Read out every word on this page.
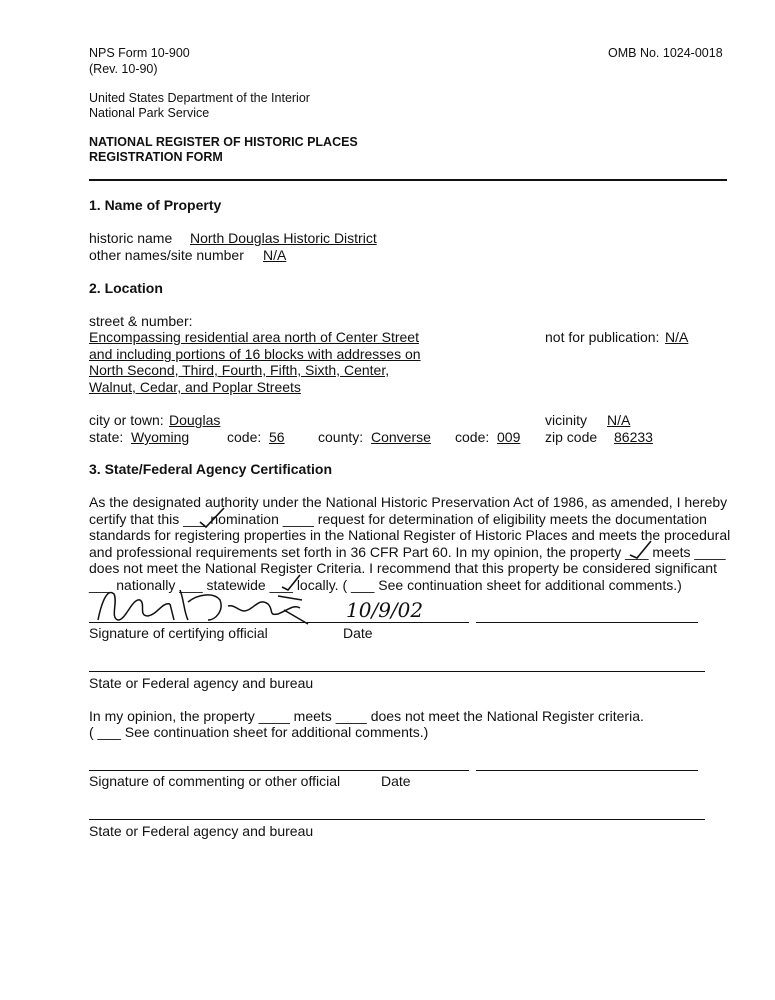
NPS Form 10-900
(Rev. 10-90)
OMB No. 1024-0018
United States Department of the Interior
National Park Service
NATIONAL REGISTER OF HISTORIC PLACES
REGISTRATION FORM
1. Name of Property
historic name North Douglas Historic District
other names/site number N/A
2. Location
street & number:
Encompassing residential area north of Center Street
and including portions of 16 blocks with addresses on
North Second, Third, Fourth, Fifth, Sixth, Center,
Walnut, Cedar, and Poplar Streets
not for publication: N/A
city or town: Douglas	vicinity N/A
state: Wyoming	code: 56 county: Converse code: 009 zip code 86233
3. State/Federal Agency Certification
As the designated authority under the National Historic Preservation Act of 1986, as amended, I hereby
certify that this ___ nomination ____ request for determination of eligibility meets the documentation
standards for registering properties in the National Register of Historic Places and meets the procedural
and professional requirements set forth in 36 CFR Part 60. In my opinion, the property ___ meets ____
does not meet the National Register Criteria. I recommend that this property be considered significant
___ nationally ___ statewide ___ locally. ( ___ See continuation sheet for additional comments.)
10/9/02
Signature of certifying official	Date
State or Federal agency and bureau
In my opinion, the property ____ meets ____ does not meet the National Register criteria.
( ___ See continuation sheet for additional comments.)
Signature of commenting or other official	Date
State or Federal agency and bureau
